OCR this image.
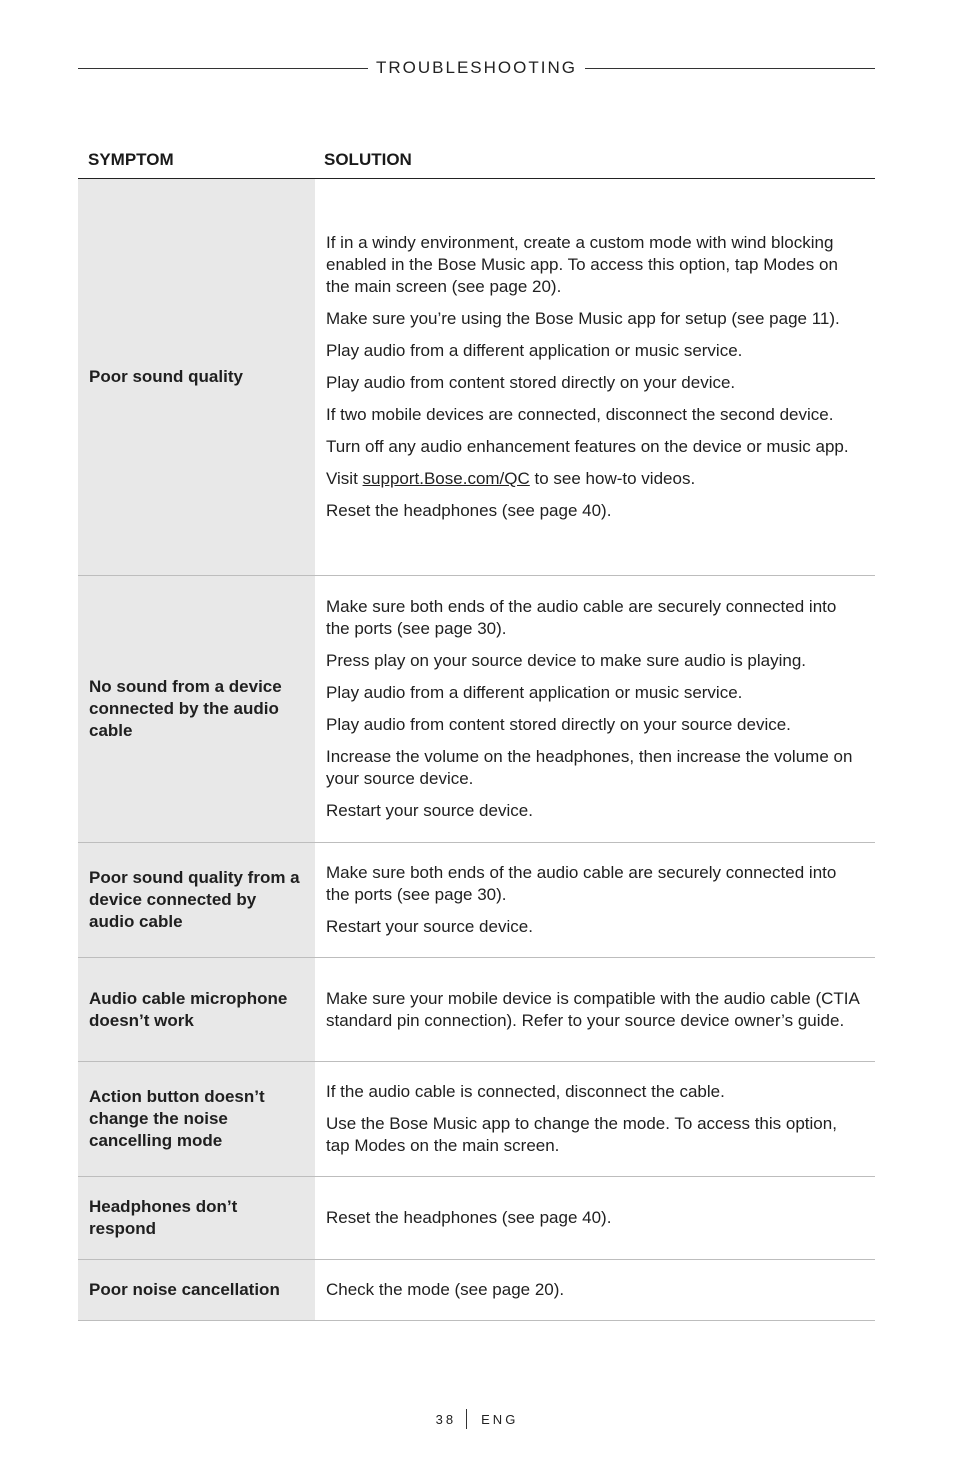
TROUBLESHOOTING
SYMPTOM	SOLUTION
Poor sound quality

If in a windy environment, create a custom mode with wind blocking enabled in the Bose Music app. To access this option, tap Modes on the main screen (see page 20).

Make sure you’re using the Bose Music app for setup (see page 11).

Play audio from a different application or music service.

Play audio from content stored directly on your device.

If two mobile devices are connected, disconnect the second device.

Turn off any audio enhancement features on the device or music app.

Visit support.Bose.com/QC to see how-to videos.

Reset the headphones (see page 40).

No sound from a device connected by the audio cable

Make sure both ends of the audio cable are securely connected into the ports (see page 30).

Press play on your source device to make sure audio is playing.

Play audio from a different application or music service.

Play audio from content stored directly on your source device.

Increase the volume on the headphones, then increase the volume on your source device.

Restart your source device.

Poor sound quality from a device connected by audio cable

Make sure both ends of the audio cable are securely connected into the ports (see page 30).

Restart your source device.

Audio cable microphone doesn’t work

Make sure your mobile device is compatible with the audio cable (CTIA standard pin connection). Refer to your source device owner’s guide.

Action button doesn’t change the noise cancelling mode

If the audio cable is connected, disconnect the cable.

Use the Bose Music app to change the mode. To access this option, tap Modes on the main screen.

Headphones don’t respond

Reset the headphones (see page 40).

Poor noise cancellation	Check the mode (see page 20).

38 ENG
